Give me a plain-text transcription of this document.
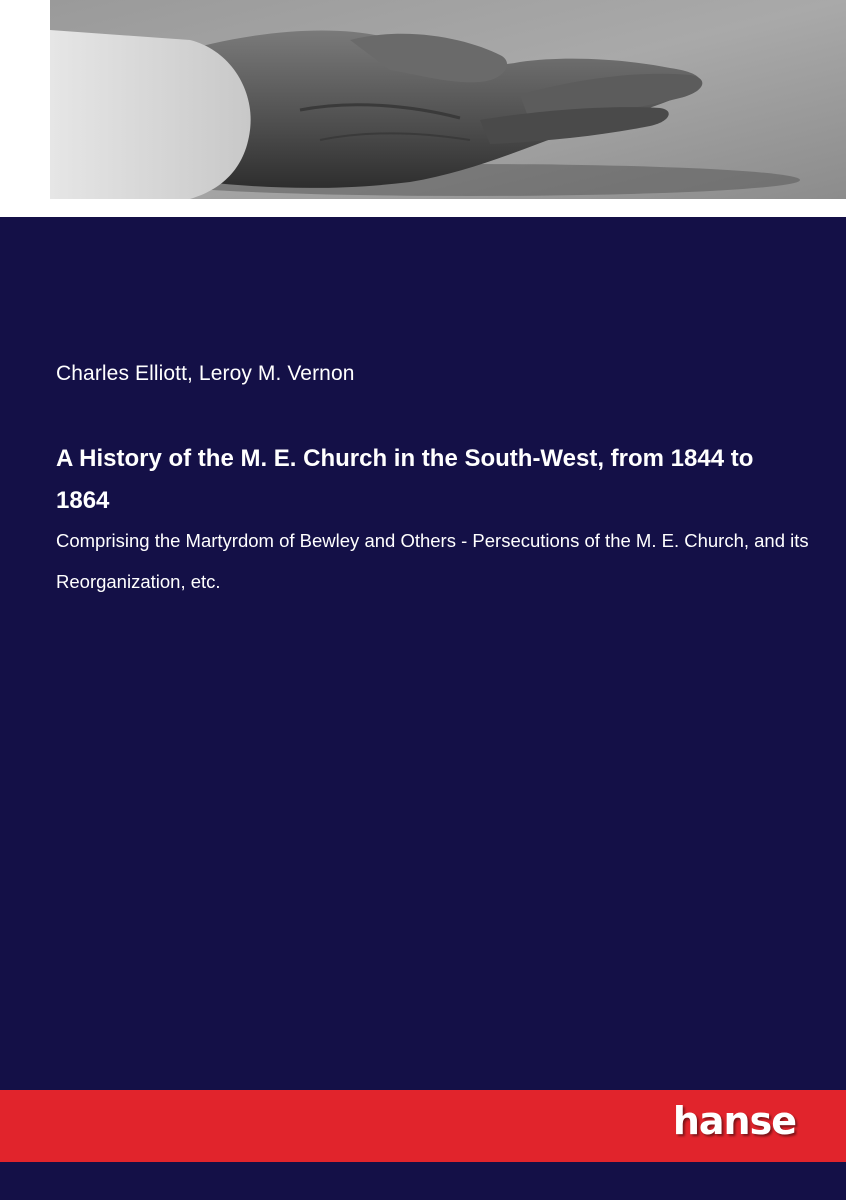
Charles Elliott, Leroy M. Vernon
A History of the M. E. Church in the South-West, from 1844 to 1864
Comprising the Martyrdom of Bewley and Others - Persecutions of the M. E. Church, and its Reorganization, etc.
hanse
